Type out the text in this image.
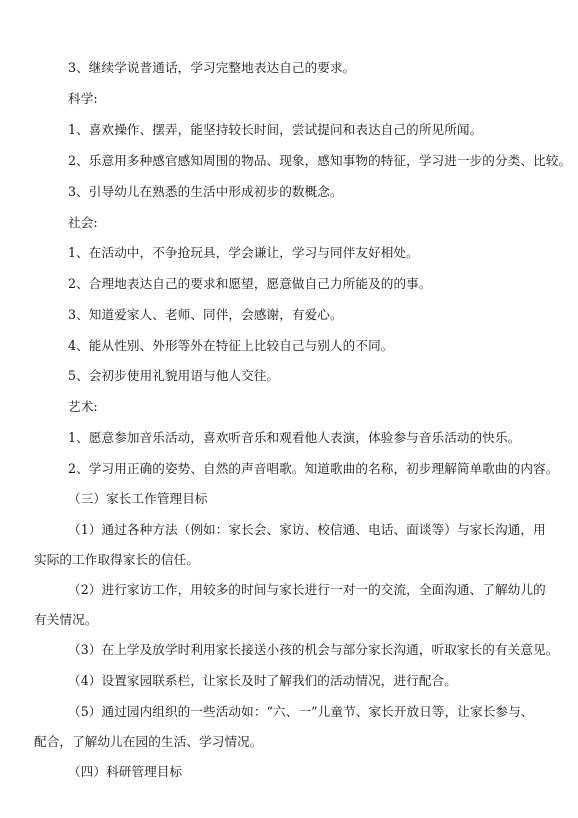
3、继续学说普通话，学习完整地表达自己的要求。
科学:
1、喜欢操作、摆弄，能坚持较长时间，尝试提问和表达自己的所见所闻。
2、乐意用多种感官感知周围的物品、现象，感知事物的特征，学习进一步的分类、比较。
3、引导幼儿在熟悉的生活中形成初步的数概念。
社会:
1、在活动中，不争抢玩具，学会谦让，学习与同伴友好相处。
2、合理地表达自己的要求和愿望，愿意做自己力所能及的的事。
3、知道爱家人、老师、同伴，会感谢，有爱心。
4、能从性别、外形等外在特征上比较自己与别人的不同。
5、会初步使用礼貌用语与他人交往。
艺术:
1、愿意参加音乐活动，喜欢听音乐和观看他人表演，体验参与音乐活动的快乐。
2、学习用正确的姿势、自然的声音唱歌。知道歌曲的名称，初步理解简单歌曲的内容。
（三）家长工作管理目标
（1）通过各种方法（例如：家长会、家访、校信通、电话、面谈等）与家长沟通，用实际的工作取得家长的信任。
（2）进行家访工作，用较多的时间与家长进行一对一的交流，全面沟通、了解幼儿的有关情况。
（3）在上学及放学时利用家长接送小孩的机会与部分家长沟通，听取家长的有关意见。
（4）设置家园联系栏，让家长及时了解我们的活动情况，进行配合。
（5）通过园内组织的一些活动如：“六、一”儿童节、家长开放日等，让家长参与、配合，了解幼儿在园的生活、学习情况。
（四）科研管理目标
